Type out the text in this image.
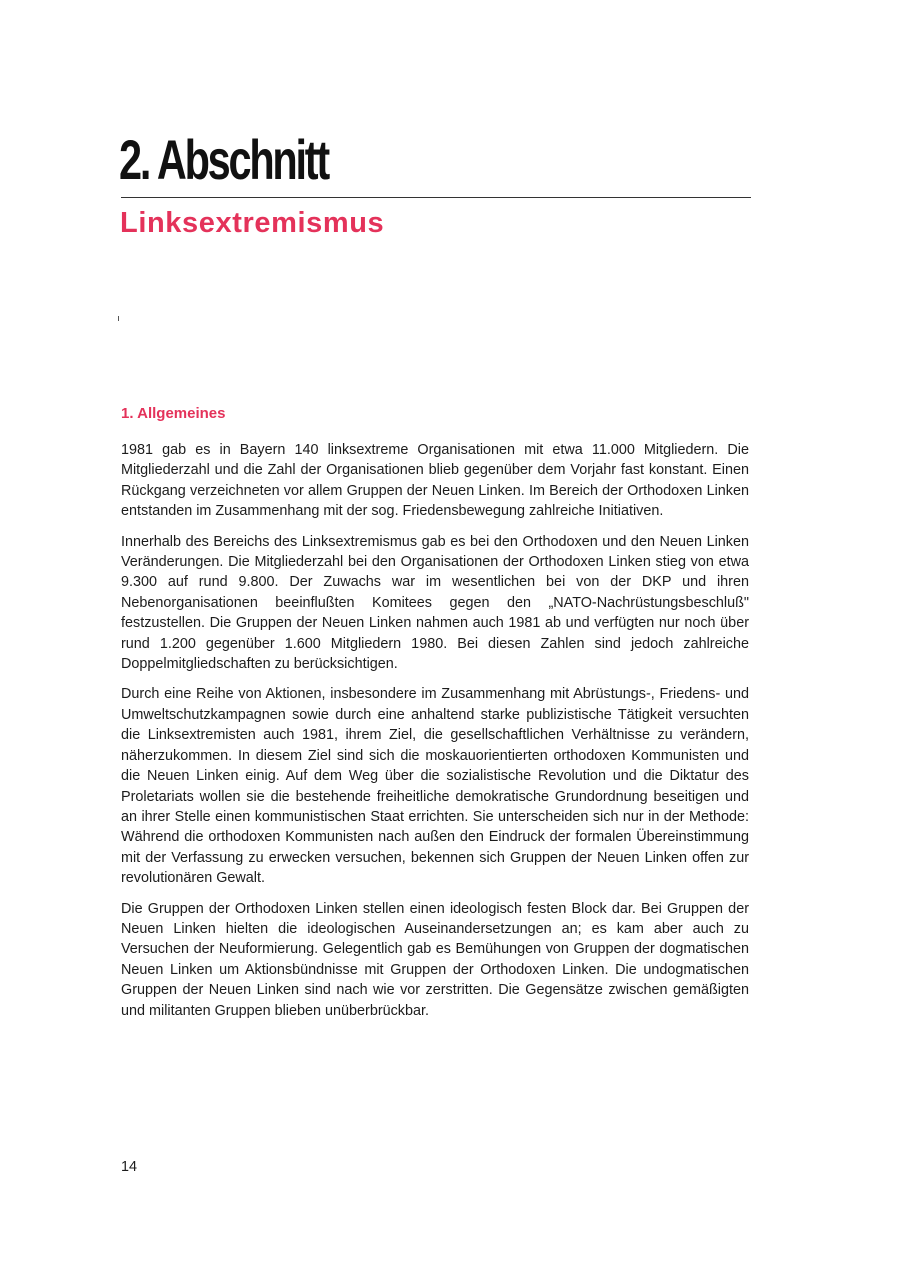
2. Abschnitt
Linksextremismus
1. Allgemeines

1981 gab es in Bayern 140 linksextreme Organisationen mit etwa 11.000 Mitgliedern. Die Mitgliederzahl und die Zahl der Organisationen blieb gegenüber dem Vorjahr fast konstant. Einen Rückgang verzeichneten vor allem Gruppen der Neuen Linken. Im Bereich der Orthodoxen Linken entstanden im Zusammenhang mit der sog. Friedensbewegung zahlreiche Initiativen.

Innerhalb des Bereichs des Linksextremismus gab es bei den Orthodoxen und den Neuen Linken Veränderungen. Die Mitgliederzahl bei den Organisationen der Orthodoxen Linken stieg von etwa 9.300 auf rund 9.800. Der Zuwachs war im wesentlichen bei von der DKP und ihren Nebenorganisationen beeinflußten Komitees gegen den „NATO-Nachrüstungsbeschluß" festzustellen. Die Gruppen der Neuen Linken nahmen auch 1981 ab und verfügten nur noch über rund 1.200 gegenüber 1.600 Mitgliedern 1980. Bei diesen Zahlen sind jedoch zahlreiche Doppelmitgliedschaften zu berücksichtigen.

Durch eine Reihe von Aktionen, insbesondere im Zusammenhang mit Abrüstungs-, Friedens- und Umweltschutzkampagnen sowie durch eine anhaltend starke publizistische Tätigkeit versuchten die Linksextremisten auch 1981, ihrem Ziel, die gesellschaftlichen Verhältnisse zu verändern, näherzukommen. In diesem Ziel sind sich die moskauorientierten orthodoxen Kommunisten und die Neuen Linken einig. Auf dem Weg über die sozialistische Revolution und die Diktatur des Proletariats wollen sie die bestehende freiheitliche demokratische Grundordnung beseitigen und an ihrer Stelle einen kommunistischen Staat errichten. Sie unterscheiden sich nur in der Methode: Während die orthodoxen Kommunisten nach außen den Eindruck der formalen Übereinstimmung mit der Verfassung zu erwecken versuchen, bekennen sich Gruppen der Neuen Linken offen zur revolutionären Gewalt.

Die Gruppen der Orthodoxen Linken stellen einen ideologisch festen Block dar. Bei Gruppen der Neuen Linken hielten die ideologischen Auseinandersetzungen an; es kam aber auch zu Versuchen der Neuformierung. Gelegentlich gab es Bemühungen von Gruppen der dogmatischen Neuen Linken um Aktionsbündnisse mit Gruppen der Orthodoxen Linken. Die undogmatischen Gruppen der Neuen Linken sind nach wie vor zerstritten. Die Gegensätze zwischen gemäßigten und militanten Gruppen blieben unüberbrückbar.

14
